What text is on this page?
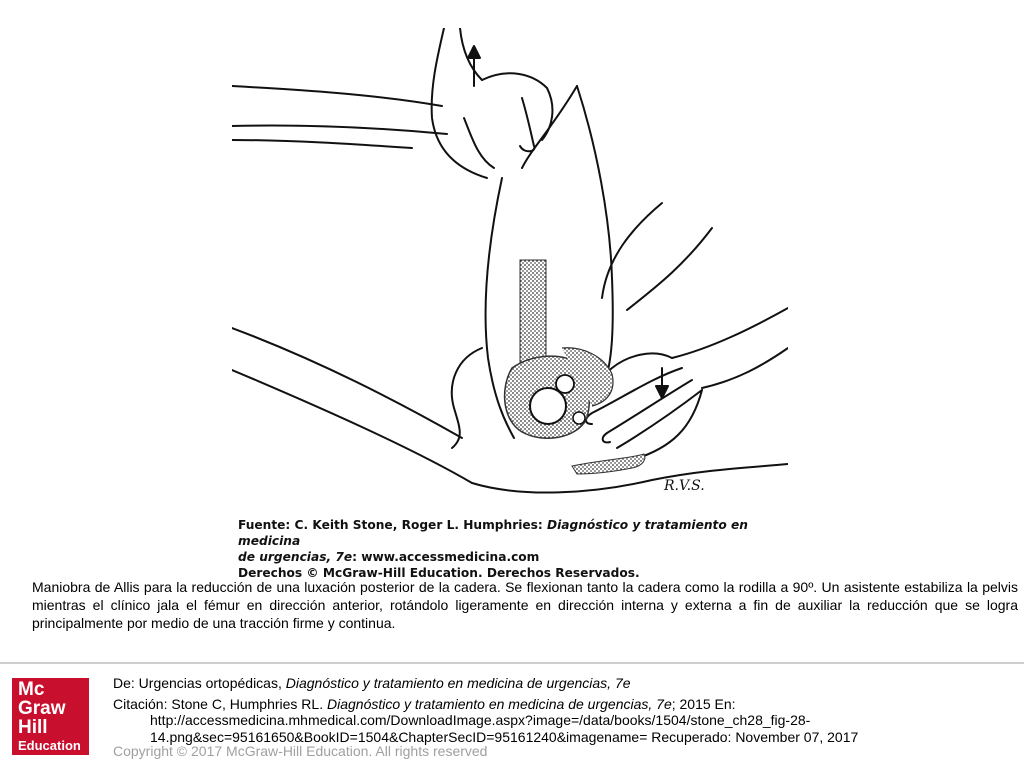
R.V.S.
Fuente: C. Keith Stone, Roger L. Humphries: Diagnóstico y tratamiento en medicina
de urgencias, 7e: www.accessmedicina.com
Derechos © McGraw-Hill Education. Derechos Reservados.
Maniobra de Allis para la reducción de una luxación posterior de la cadera. Se flexionan tanto la cadera como la rodilla a 90º. Un asistente estabiliza la pelvis mientras el clínico jala el fémur en dirección anterior, rotándolo ligeramente en dirección interna y externa a fin de auxiliar la reducción que se logra principalmente por medio de una tracción firme y continua.
Mc
Graw
Hill
Education
De: Urgencias ortopédicas, Diagnóstico y tratamiento en medicina de urgencias, 7e
Citación: Stone C, Humphries RL. Diagnóstico y tratamiento en medicina de urgencias, 7e; 2015 En:
http://accessmedicina.mhmedical.com/DownloadImage.aspx?image=/data/books/1504/stone_ch28_fig-28-
14.png&sec=95161650&BookID=1504&ChapterSecID=95161240&imagename= Recuperado: November 07, 2017
Copyright © 2017 McGraw-Hill Education. All rights reserved
